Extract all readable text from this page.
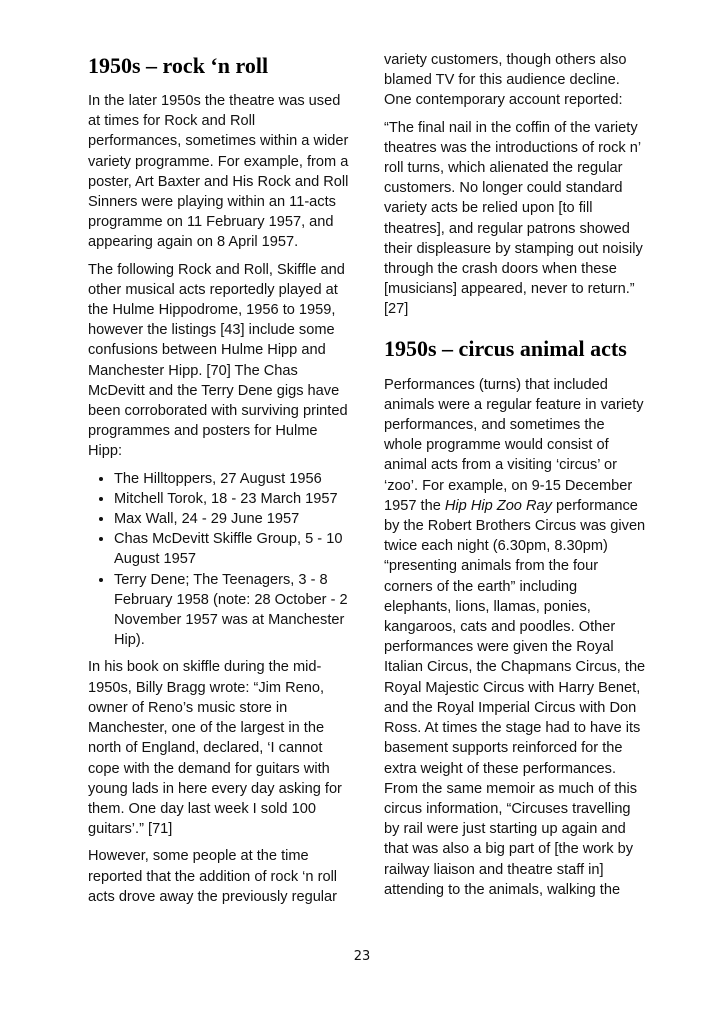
1950s – rock ‘n roll

In the later 1950s the theatre was used at times for Rock and Roll performances, sometimes within a wider variety programme. For example, from a poster, Art Baxter and His Rock and Roll Sinners were playing within an 11-acts programme on 11 February 1957, and appearing again on 8 April 1957.

The following Rock and Roll, Skiffle and other musical acts reportedly played at the Hulme Hippodrome, 1956 to 1959, however the listings [43] include some confusions between Hulme Hipp and Manchester Hipp. [70] The Chas McDevitt and the Terry Dene gigs have been corroborated with surviving printed programmes and posters for Hulme Hipp:

• The Hilltoppers, 27 August 1956
• Mitchell Torok, 18 - 23 March 1957
• Max Wall, 24 - 29 June 1957
• Chas McDevitt Skiffle Group, 5 - 10 August 1957
• Terry Dene; The Teenagers, 3 - 8 February 1958 (note: 28 October - 2 November 1957 was at Manchester Hip).

In his book on skiffle during the mid-1950s, Billy Bragg wrote: “Jim Reno, owner of Reno’s music store in Manchester, one of the largest in the north of England, declared, ‘I cannot cope with the demand for guitars with young lads in here every day asking for them. One day last week I sold 100 guitars’.” [71]

However, some people at the time reported that the addition of rock ‘n roll acts drove away the previously regular

variety customers, though others also blamed TV for this audience decline. One contemporary account reported:

“The final nail in the coffin of the variety theatres was the introductions of rock n’ roll turns, which alienated the regular customers. No longer could standard variety acts be relied upon [to fill theatres], and regular patrons showed their displeasure by stamping out noisily through the crash doors when these [musicians] appeared, never to return.” [27]

1950s – circus animal acts

Performances (turns) that included animals were a regular feature in variety performances, and sometimes the whole programme would consist of animal acts from a visiting ‘circus’ or ‘zoo’. For example, on 9-15 December 1957 the Hip Hip Zoo Ray performance by the Robert Brothers Circus was given twice each night (6.30pm, 8.30pm) “presenting animals from the four corners of the earth” including elephants, lions, llamas, ponies, kangaroos, cats and poodles. Other performances were given the Royal Italian Circus, the Chapmans Circus, the Royal Majestic Circus with Harry Benet, and the Royal Imperial Circus with Don Ross. At times the stage had to have its basement supports reinforced for the extra weight of these performances. From the same memoir as much of this circus information, “Circuses travelling by rail were just starting up again and that was also a big part of [the work by railway liaison and theatre staff in] attending to the animals, walking the

23
